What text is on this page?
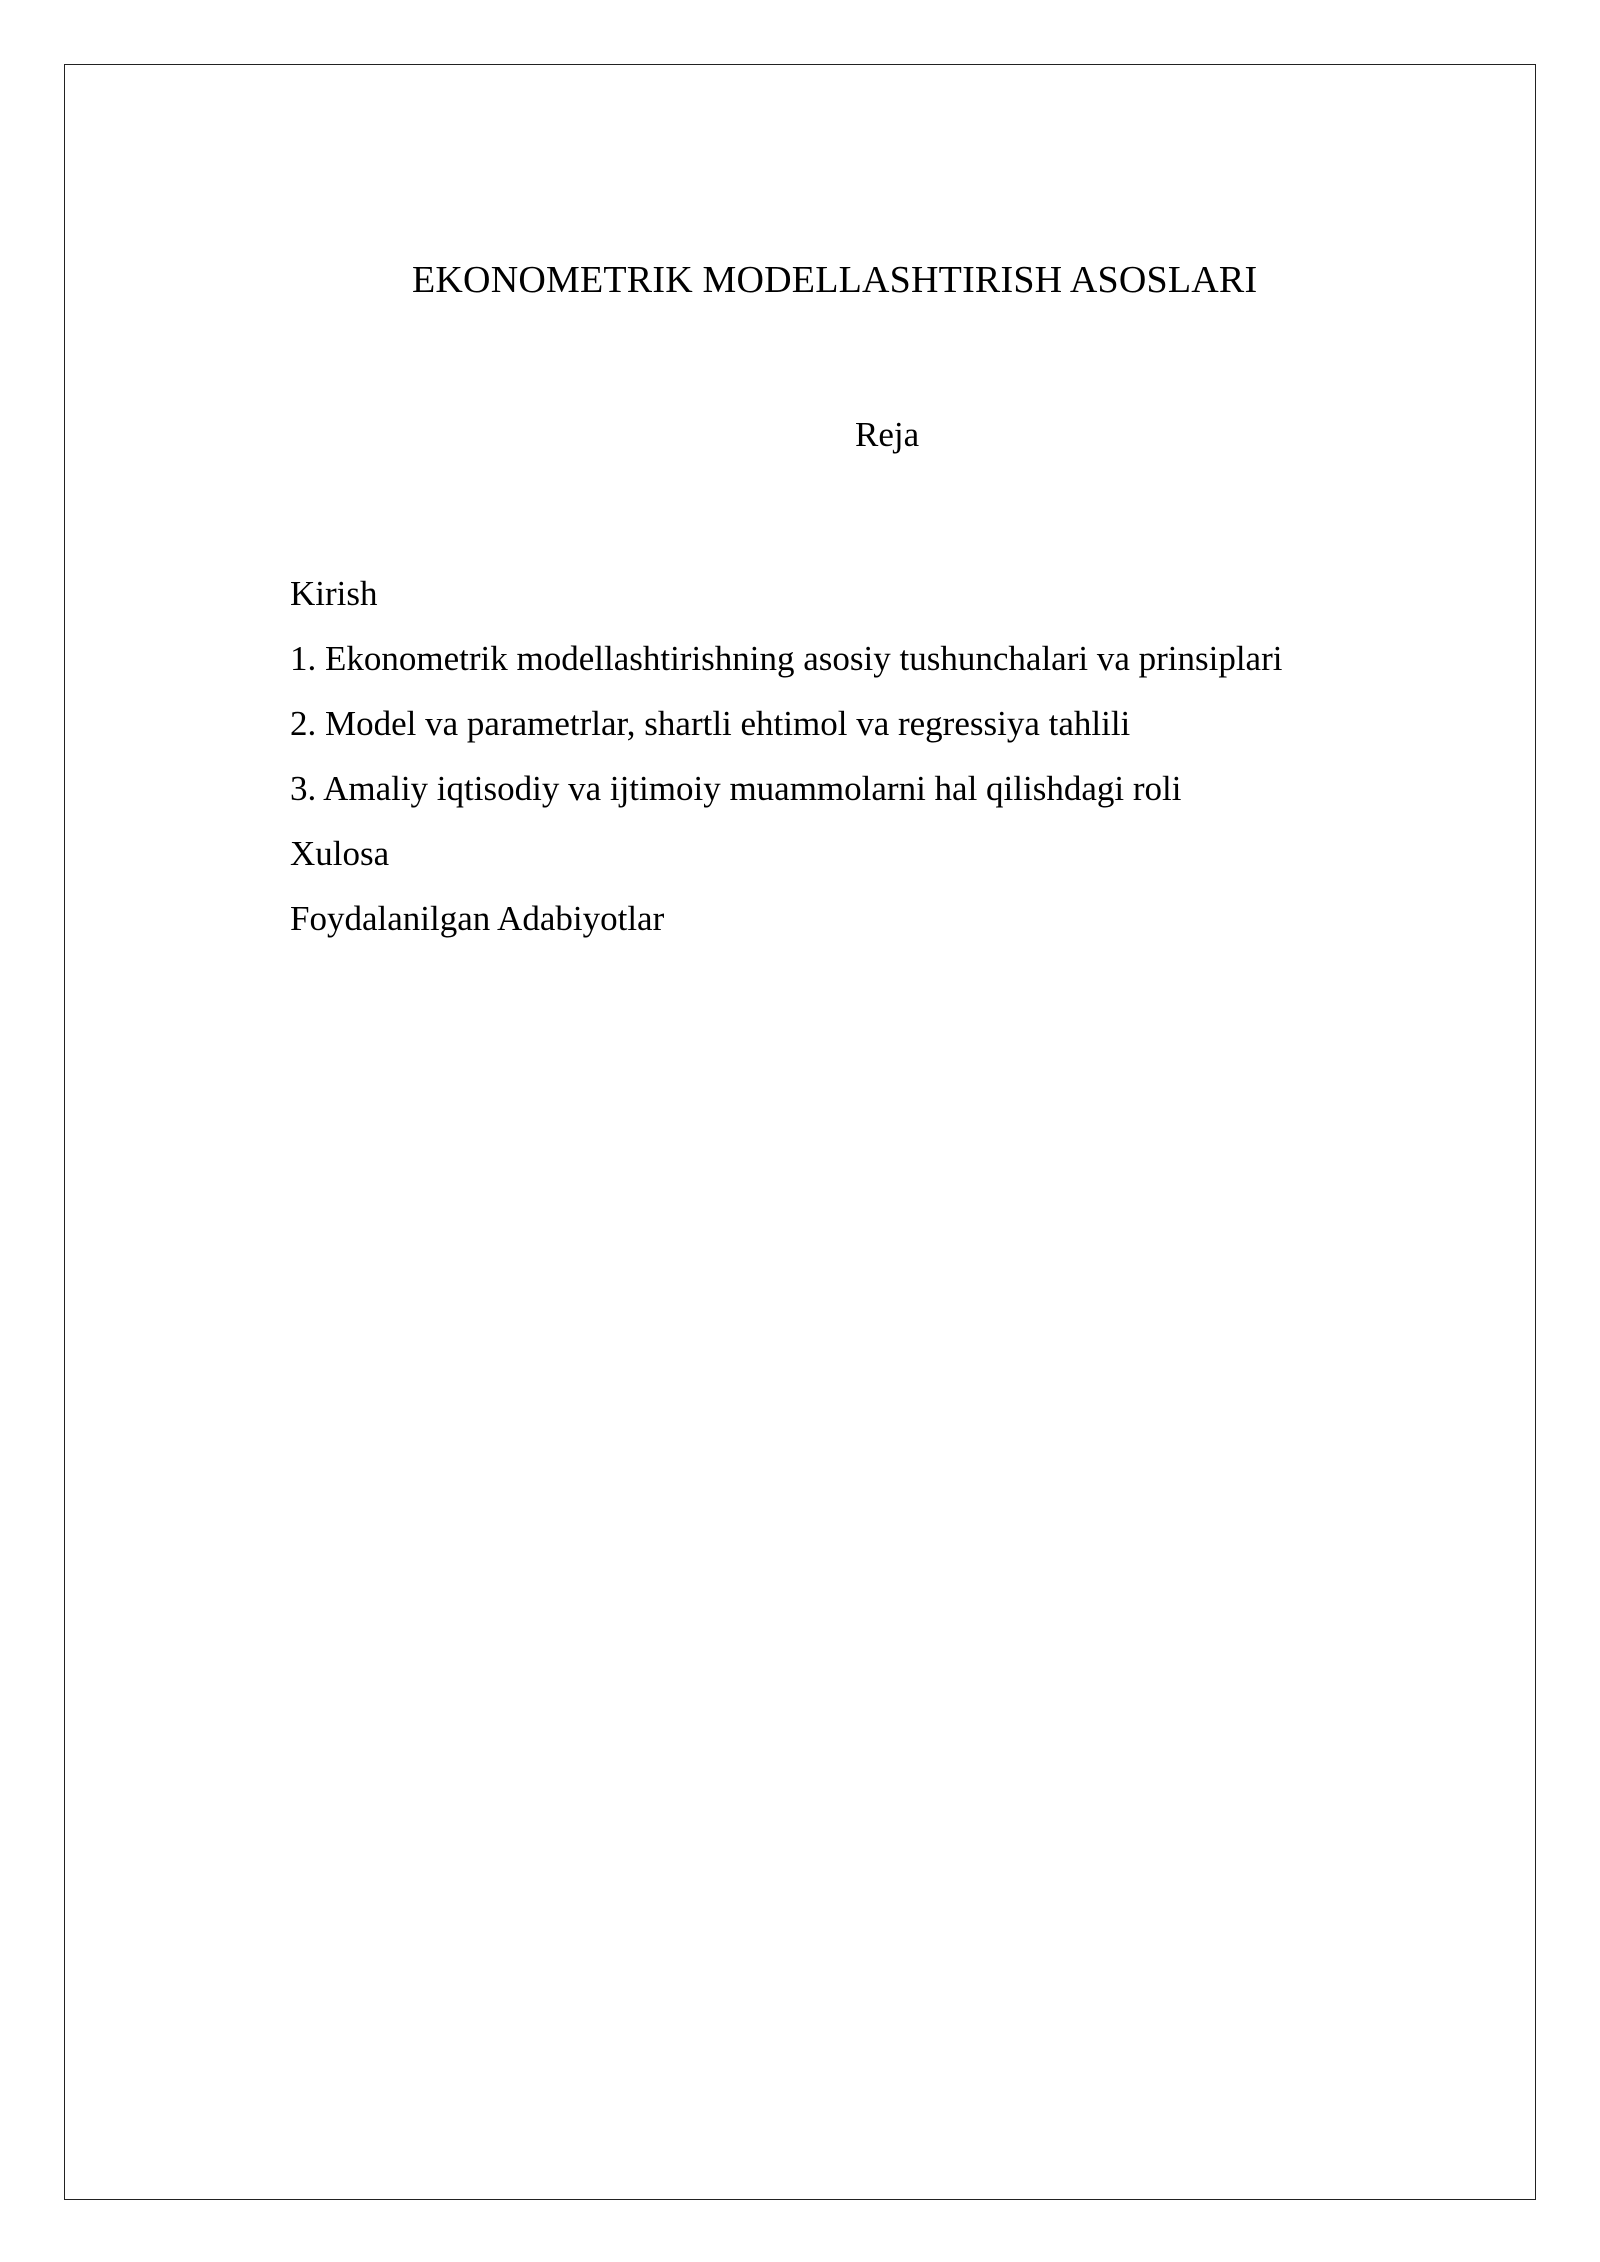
EKONOMETRIK MODELLASHTIRISH ASOSLARI
Reja
Kirish
1. Ekonometrik modellashtirishning asosiy tushunchalari va prinsiplari
2. Model va parametrlar, shartli ehtimol va regressiya tahlili
3. Amaliy iqtisodiy va ijtimoiy muammolarni hal qilishdagi roli
Xulosa
Foydalanilgan Adabiyotlar
